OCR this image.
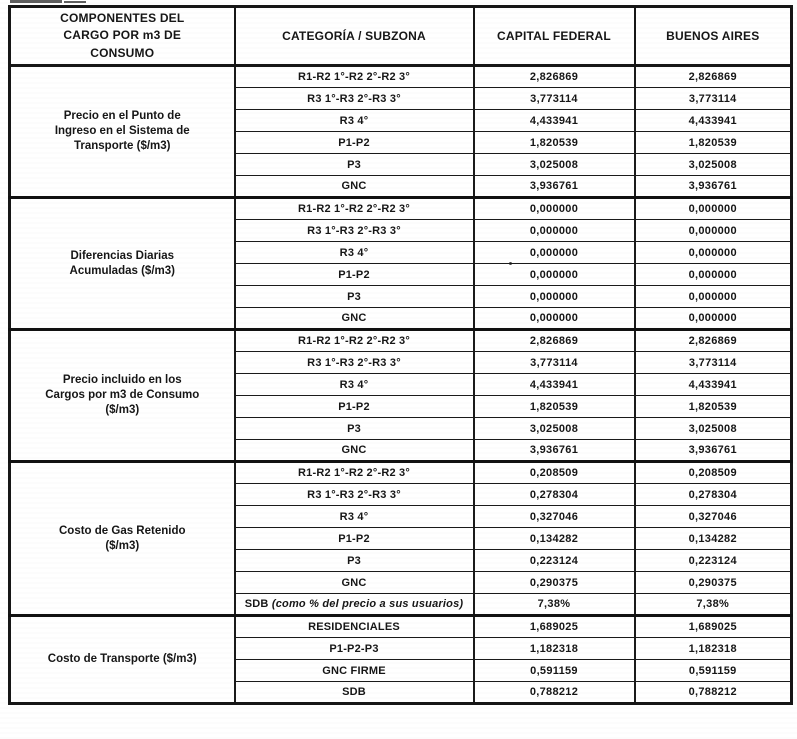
COMPONENTES DEL CARGO POR m3 DE CONSUMO	CATEGORÍA / SUBZONA	CAPITAL FEDERAL	BUENOS AIRES
Precio en el Punto de Ingreso en el Sistema de Transporte ($/m3)	R1-R2 1°-R2 2°-R2 3°	2,826869	2,826869
	R3 1°-R3 2°-R3 3°	3,773114	3,773114
	R3 4°	4,433941	4,433941
	P1-P2	1,820539	1,820539
	P3	3,025008	3,025008
	GNC	3,936761	3,936761
Diferencias Diarias Acumuladas ($/m3)	R1-R2 1°-R2 2°-R2 3°	0,000000	0,000000
	R3 1°-R3 2°-R3 3°	0,000000	0,000000
	R3 4°	0,000000	0,000000
	P1-P2	0,000000	0,000000
	P3	0,000000	0,000000
	GNC	0,000000	0,000000
Precio incluido en los Cargos por m3 de Consumo ($/m3)	R1-R2 1°-R2 2°-R2 3°	2,826869	2,826869
	R3 1°-R3 2°-R3 3°	3,773114	3,773114
	R3 4°	4,433941	4,433941
	P1-P2	1,820539	1,820539
	P3	3,025008	3,025008
	GNC	3,936761	3,936761
Costo de Gas Retenido ($/m3)	R1-R2 1°-R2 2°-R2 3°	0,208509	0,208509
	R3 1°-R3 2°-R3 3°	0,278304	0,278304
	R3 4°	0,327046	0,327046
	P1-P2	0,134282	0,134282
	P3	0,223124	0,223124
	GNC	0,290375	0,290375
	SDB (como % del precio a sus usuarios)	7,38%	7,38%
Costo de Transporte ($/m3)	RESIDENCIALES	1,689025	1,689025
	P1-P2-P3	1,182318	1,182318
	GNC FIRME	0,591159	0,591159
	SDB	0,788212	0,788212
